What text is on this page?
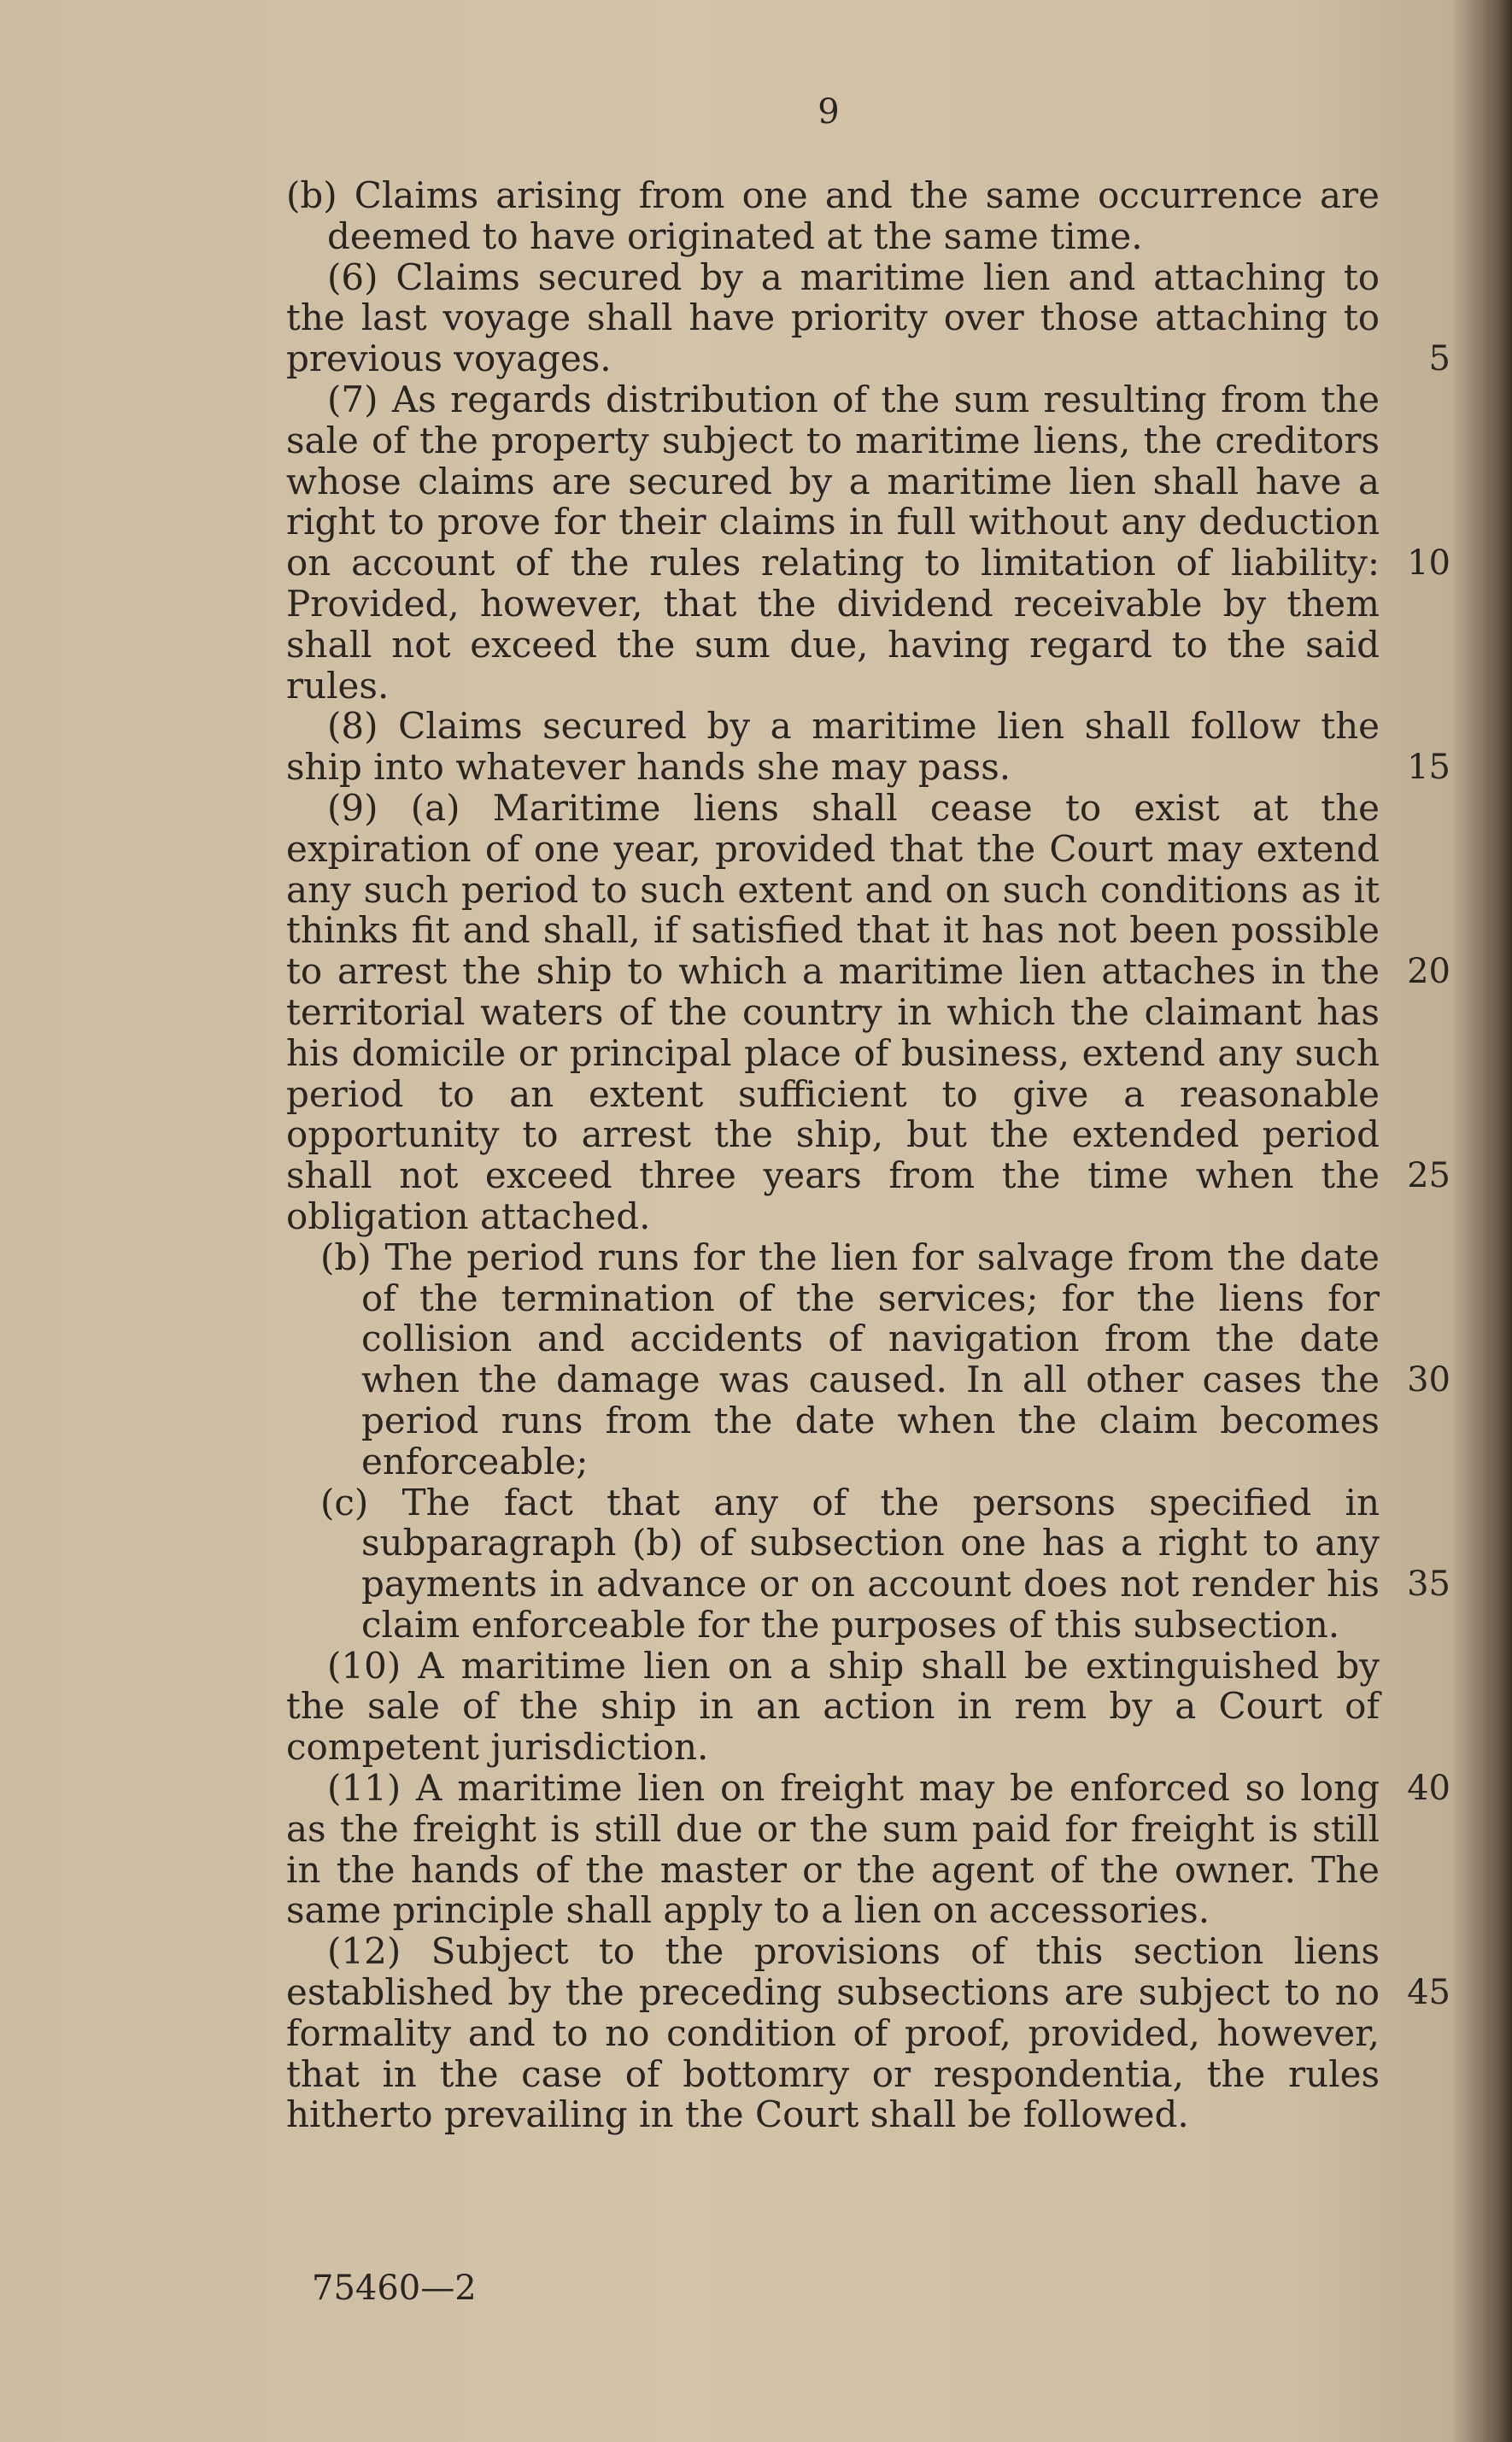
9

(b) Claims arising from one and the same occurrence are deemed to have originated at the same time.

(6) Claims secured by a maritime lien and attaching to the last voyage shall have priority over those attaching to previous voyages.

(7) As regards distribution of the sum resulting from the sale of the property subject to maritime liens, the creditors whose claims are secured by a maritime lien shall have a right to prove for their claims in full without any deduction on account of the rules relating to limitation of liability: Provided, however, that the dividend receivable by them shall not exceed the sum due, having regard to the said rules.

(8) Claims secured by a maritime lien shall follow the ship into whatever hands she may pass.

(9) (a) Maritime liens shall cease to exist at the expiration of one year, provided that the Court may extend any such period to such extent and on such conditions as it thinks fit and shall, if satisfied that it has not been possible to arrest the ship to which a maritime lien attaches in the territorial waters of the country in which the claimant has his domicile or principal place of business, extend any such period to an extent sufficient to give a reasonable opportunity to arrest the ship, but the extended period shall not exceed three years from the time when the obligation attached.

(b) The period runs for the lien for salvage from the date of the termination of the services; for the liens for collision and accidents of navigation from the date when the damage was caused. In all other cases the period runs from the date when the claim becomes enforceable;

(c) The fact that any of the persons specified in subparagraph (b) of subsection one has a right to any payments in advance or on account does not render his claim enforceable for the purposes of this subsection.

(10) A maritime lien on a ship shall be extinguished by the sale of the ship in an action in rem by a Court of competent jurisdiction.

(11) A maritime lien on freight may be enforced so long as the freight is still due or the sum paid for freight is still in the hands of the master or the agent of the owner. The same principle shall apply to a lien on accessories.

(12) Subject to the provisions of this section liens established by the preceding subsections are subject to no formality and to no condition of proof, provided, however, that in the case of bottomry or respondentia, the rules hitherto prevailing in the Court shall be followed.

5
10
15
20
25
30
35
40
45
75460—2
